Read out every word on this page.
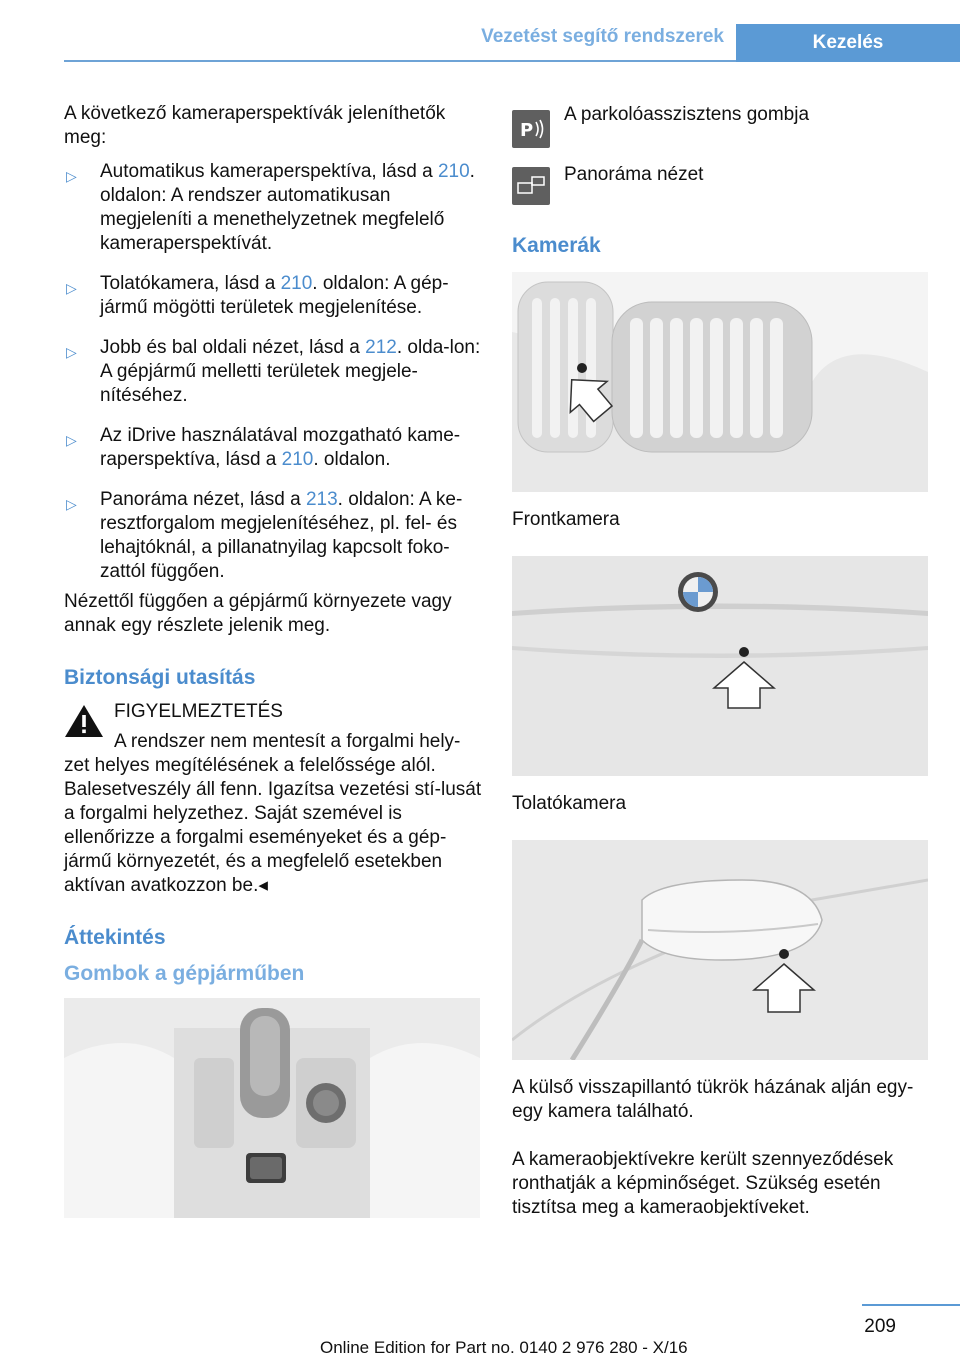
Vezetést segítő rendszerek	Kezelés

A következő kameraperspektívák jeleníthetők meg:

▷ Automatikus kameraperspektíva, lásd a 210. oldalon: A rendszer automatikusan megjeleníti a menethelyzetnek megfelelő kameraperspektívát.
▷ Tolatókamera, lásd a 210. oldalon: A gép‐jármű mögötti területek megjelenítése.
▷ Jobb és bal oldali nézet, lásd a 212. olda‐lon: A gépjármű melletti területek megjele‐nítéséhez.
▷ Az iDrive használatával mozgatható kame‐raperspektíva, lásd a 210. oldalon.
▷ Panoráma nézet, lásd a 213. oldalon: A ke‐resztforgalom megjelenítéséhez, pl. fel- és lehajtóknál, a pillanatnyilag kapcsolt foko‐zattól függően.

Nézettől függően a gépjármű környezete vagy annak egy részlete jelenik meg.

Biztonsági utasítás

FIGYELMEZTETÉS

A rendszer nem mentesít a forgalmi hely‐

zet helyes megítélésének a felelőssége alól. Balesetveszély áll fenn. Igazítsa vezetési stí‐lusát a forgalmi helyzethez. Saját szemével is ellenőrizze a forgalmi eseményeket és a gép‐jármű környezetét, és a megfelelő esetekben aktívan avatkozzon be.◂

Áttekintés
Gombok a gépjárműben
P
A parkolóasszisztens gombja
Panoráma nézet
Kamerák
Frontkamera
Tolatókamera
A külső visszapillantó tükrök házának alján egy-egy kamera található.

A kameraobjektívekre került szennyeződések ronthatják a képminőséget. Szükség esetén tisztítsa meg a kameraobjektíveket.

209
Online Edition for Part no. 0140 2 976 280 - X/16
